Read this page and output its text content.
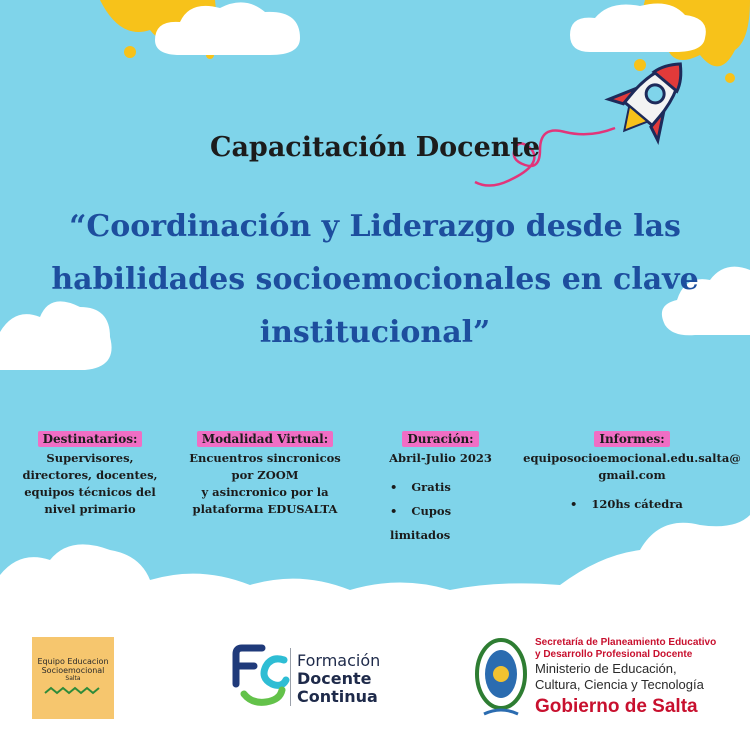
Capacitación Docente
“Coordinación y Liderazgo desde las
habilidades socioemocionales en clave
institucional”
Destinatarios:
Supervisores,
directores, docentes,
equipos técnicos del
nivel primario
Modalidad Virtual:
Encuentros sincronicos
por ZOOM
y asincronico por la
plataforma EDUSALTA
Duración:
Abril-Julio 2023
• Gratis
• Cupos limitados
Informes:
equiposocioemocional.edu.salta@
gmail.com
• 120hs cátedra
Equipo Educacion
Socioemocional
Salta
Formación
Docente
Continua
Secretaría de Planeamiento Educativo
y Desarrollo Profesional Docente
Ministerio de Educación,
Cultura, Ciencia y Tecnología
Gobierno de Salta
